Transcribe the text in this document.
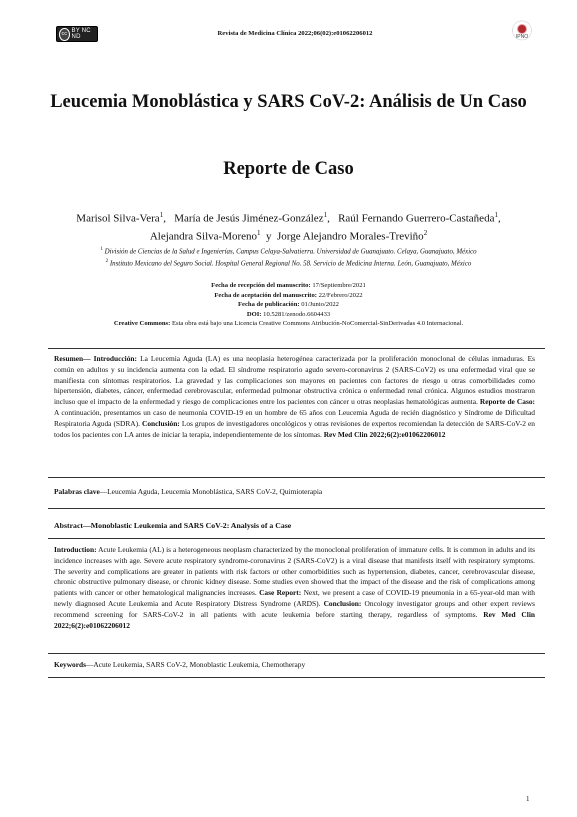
cc BY NC ND	Revista de Medicina Clínica 2022;06(02):e01062206012	IPNO
Leucemia Monoblástica y SARS CoV-2: Análisis de Un Caso
Reporte de Caso
Marisol Silva-Vera$^1$,   María de Jesús Jiménez-González$^1$,   Raúl Fernando Guerrero-Castañeda$^1$,
Alejandra Silva-Moreno$^1$ y Jorge Alejandro Morales-Treviño$^2$
$^1$ División de Ciencias de la Salud e Ingenierías, Campus Celaya-Salvatierra. Universidad de Guanajuato. Celaya, Guanajuato, México
$^2$ Instituto Mexicano del Seguro Social. Hospital General Regional No. 58. Servicio de Medicina Interna. León, Guanajuato, México
Fecha de recepción del manuscrito: 17/Septiembre/2021
Fecha de aceptación del manuscrito: 22/Febrero/2022
Fecha de publicación: 01/Junio/2022
DOI: 10.5281/zenodo.6604433
Creative Commons: Esta obra está bajo una Licencia Creative Commons Atribución-NoComercial-SinDerivadas 4.0 Internacional.
Resumen— Introducción: La Leucemia Aguda (LA) es una neoplasia heterogénea caracterizada por la proliferación monoclonal de células inmaduras. Es común en adultos y su incidencia aumenta con la edad. El síndrome respiratorio agudo severo-coronavirus 2 (SARS-CoV2) es una enfermedad viral que se manifiesta con síntomas respiratorios. La gravedad y las complicaciones son mayores en pacientes con factores de riesgo u otras comorbilidades como hipertensión, diabetes, cáncer, enfermedad cerebrovascular, enfermedad pulmonar obstructiva crónica o enfermedad renal crónica. Algunos estudios mostraron incluso que el impacto de la enfermedad y riesgo de complicaciones entre los pacientes con cáncer u otras neoplasias hematológicas aumenta. Reporte de Caso: A continuación, presentamos un caso de neumonía COVID-19 en un hombre de 65 años con Leucemia Aguda de recién diagnóstico y Síndrome de Dificultad Respiratoria Aguda (SDRA). Conclusión: Los grupos de investigadores oncológicos y otras revisiones de expertos recomiendan la detección de SARS-CoV-2 en todos los pacientes con LA antes de iniciar la terapia, independientemente de los síntomas. Rev Med Clin 2022;6(2):e01062206012
Palabras clave—Leucemia Aguda, Leucemia Monoblástica, SARS CoV-2, Quimioterapia
Abstract—Monoblastic Leukemia and SARS CoV-2: Analysis of a Case
Introduction: Acute Leukemia (AL) is a heterogeneous neoplasm characterized by the monoclonal proliferation of immature cells. It is common in adults and its incidence increases with age. Severe acute respiratory syndrome-coronavirus 2 (SARS-CoV2) is a viral disease that manifests itself with respiratory symptoms. The severity and complications are greater in patients with risk factors or other comorbidities such as hypertension, diabetes, cancer, cerebrovascular disease, chronic obstructive pulmonary disease, or chronic kidney disease. Some studies even showed that the impact of the disease and the risk of complications among patients with cancer or other hematological malignancies increases. Case Report: Next, we present a case of COVID-19 pneumonia in a 65-year-old man with newly diagnosed Acute Leukemia and Acute Respiratory Distress Syndrome (ARDS). Conclusion: Oncology investigator groups and other expert reviews recommend screening for SARS-CoV-2 in all patients with acute leukemia before starting therapy, regardless of symptoms. Rev Med Clin 2022;6(2):e01062206012
Keywords—Acute Leukemia, SARS CoV-2, Monoblastic Leukemia, Chemotherapy
1
